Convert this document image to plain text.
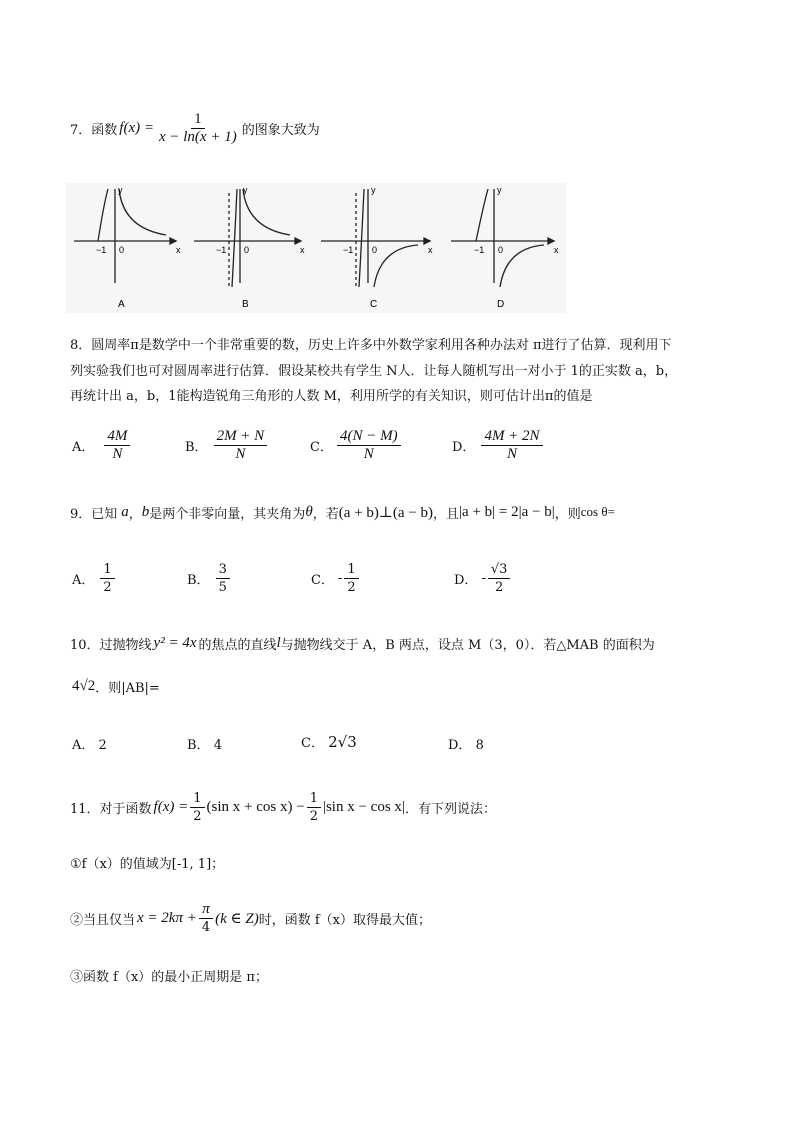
7．函数 $f(x) = \frac{1}{x - \ln(x + 1)}$ 的图象大致为
y
x
−1 0
A
y
x
−1 0
B
y
x
−1 0
C
y
x
−1 0
D
8．圆周率π是数学中一个非常重要的数，历史上许多中外数学家利用各种办法对 π进行了估算．现利用下
列实验我们也可对圆周率进行估算．假设某校共有学生 N人．让每人随机写出一对小于 1的正实数 a，b，
再统计出 a，b，1能构造锐角三角形的人数 M，利用所学的有关知识，则可估计出π的值是
A． $\frac{4M}{N}$	B． $\frac{2M + N}{N}$	C． $\frac{4(N - M)}{N}$	D． $\frac{4M + 2N}{N}$
9．已知 a ， b 是两个非零向量，其夹角为 θ ，若 (a + b)⊥(a − b) ，且 |a + b| = 2|a − b| ，则 cos θ=
A． $\frac{1}{2}$	B． $\frac{3}{5}$	C． - $\frac{1}{2}$	D． - $\frac{√3}{2}$
10．过抛物线 y² = 4x 的焦点的直线 l 与抛物线交于 A，B 两点，设点 M（3，0）．若△MAB 的面积为
4√2 ．则|AB|=
A． 2	B． 4	C． 2√3	D． 8
11．对于函数 $f(x) = \frac{1}{2} (\sin$ $x + \cos x) - \frac{1}{2} |\sin$ x − cos x| ．有下列说法：
①f（x）的值域为[-1, 1]；
②当且仅当 $x = 2k\pi + \frac{\pi}{4} (k$ ∈ Z) 时，函数 f（x）取得最大值；
③函数 f（x）的最小正周期是 π；
